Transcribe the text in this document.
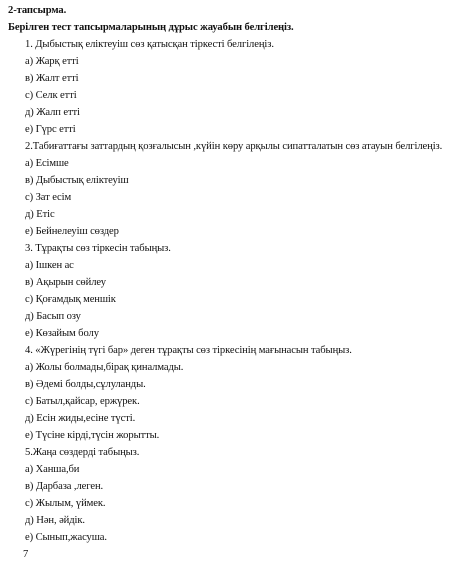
2-тапсырма.
Берілген тест тапсырмаларының дұрыс жауабын белгілеңіз.
1. Дыбыстық еліктеуіш сөз қатысқан тіркесті белгілеңіз.
а) Жарқ етті
в) Жалт етті
с) Селк етті
д) Жалп етті
е) Гүрс етті
2.Табиғаттағы заттардың қозғалысын ,күйін көру арқылы сипатталатын сөз атауын белгілеңіз.
а) Есімше
в) Дыбыстық еліктеуіш
с) Зат есім
д) Етіс
е) Бейнелеуіш сөздер
3. Тұрақты сөз тіркесін табыңыз.
а) Ішкен ас
в) Ақырын сөйлеу
с) Қоғамдық меншік
д) Басып озу
е) Көзайым болу
4. «Жүрегінің түгі бар» деген тұрақты сөз тіркесінің мағынасын табыңыз.
а) Жолы болмады,бірақ қиналмады.
в) Әдемі болды,сұлуланды.
с) Батыл,қайсар, ержүрек.
д) Есін жиды,есіне түсті.
е) Түсіне кірді,түсін жорытты.
5.Жаңа сөздерді табыңыз.
а) Ханша,би
в) Дарбаза ,леген.
с) Жылым, үймек.
д) Нән, әйдік.
е) Сынып,жасуша.
7
